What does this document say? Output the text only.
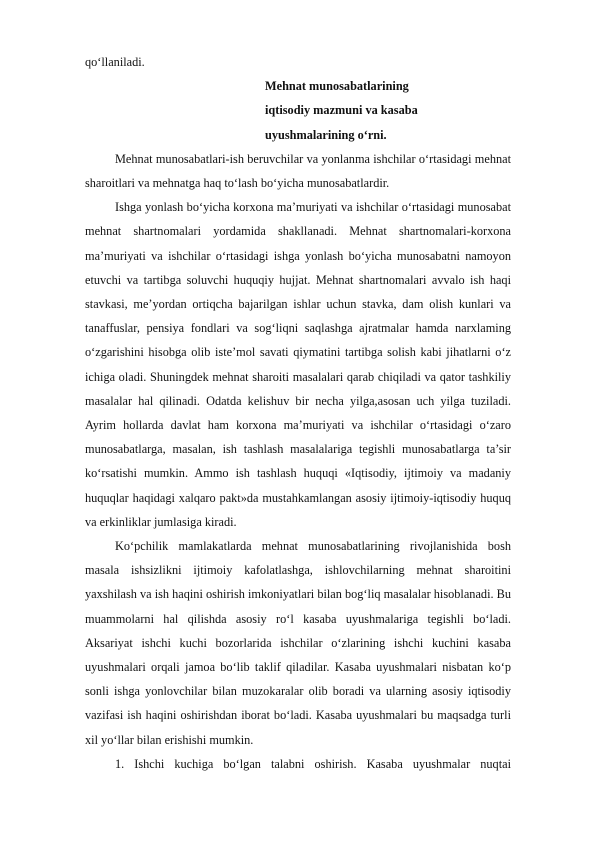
qo‘llaniladi.

Mehnat munosabatlarining
iqtisodiy mazmuni va kasaba
uyushmalarining o‘rni.

Mehnat munosabatlari-ish beruvchilar va yonlanma ishchilar o‘rtasidagi mehnat sharoitlari va mehnatga haq to‘lash bo‘yicha munosabatlardir.

Ishga yonlash bo‘yicha korxona ma’muriyati va ishchilar o‘rtasidagi munosabat mehnat shartnomalari yordamida shakllanadi. Mehnat shartnomalari-korxona ma’muriyati va ishchilar o‘rtasidagi ishga yonlash bo‘yicha munosabatni namoyon etuvchi va tartibga soluvchi huquqiy hujjat. Mehnat shartnomalari avvalo ish haqi stavkasi, me’yordan ortiqcha bajarilgan ishlar uchun stavka, dam olish kunlari va tanaffuslar, pensiya fondlari va sog‘liqni saqlashga ajratmalar hamda narxlaming o‘zgarishini hisobga olib iste’mol savati qiymatini tartibga solish kabi jihatlarni o‘z ichiga oladi. Shuningdek mehnat sharoiti masalalari qarab chiqiladi va qator tashkiliy masalalar hal qilinadi. Odatda kelishuv bir necha yilga,asosan uch yilga tuziladi. Ayrim hollarda davlat ham korxona ma’muriyati va ishchilar o‘rtasidagi o‘zaro munosabatlarga, masalan, ish tashlash masalalariga tegishli munosabatlarga ta’sir ko‘rsatishi mumkin. Ammo ish tashlash huquqi «Iqtisodiy, ijtimoiy va madaniy huquqlar haqidagi xalqaro pakt»da mustahkamlangan asosiy ijtimoiy-iqtisodiy huquq va erkinliklar jumlasiga kiradi.

Ko‘pchilik mamlakatlarda mehnat munosabatlarining rivojlanishida bosh masala ishsizlikni ijtimoiy kafolatlashga, ishlovchilarning mehnat sharoitini yaxshilash va ish haqini oshirish imkoniyatlari bilan bog‘liq masalalar hisoblanadi. Bu muammolarni hal qilishda asosiy ro‘l kasaba uyushmalariga tegishli bo‘ladi. Aksariyat ishchi kuchi bozorlarida ishchilar o‘zlarining ishchi kuchini kasaba uyushmalari orqali jamoa bo‘lib taklif qiladilar. Kasaba uyushmalari nisbatan ko‘p sonli ishga yonlovchilar bilan muzokaralar olib boradi va ularning asosiy iqtisodiy vazifasi ish haqini oshirishdan iborat bo‘ladi. Kasaba uyushmalari bu maqsadga turli xil yo‘llar bilan erishishi mumkin.

1. Ishchi kuchiga bo‘lgan talabni oshirish. Kasaba uyushmalar nuqtai
